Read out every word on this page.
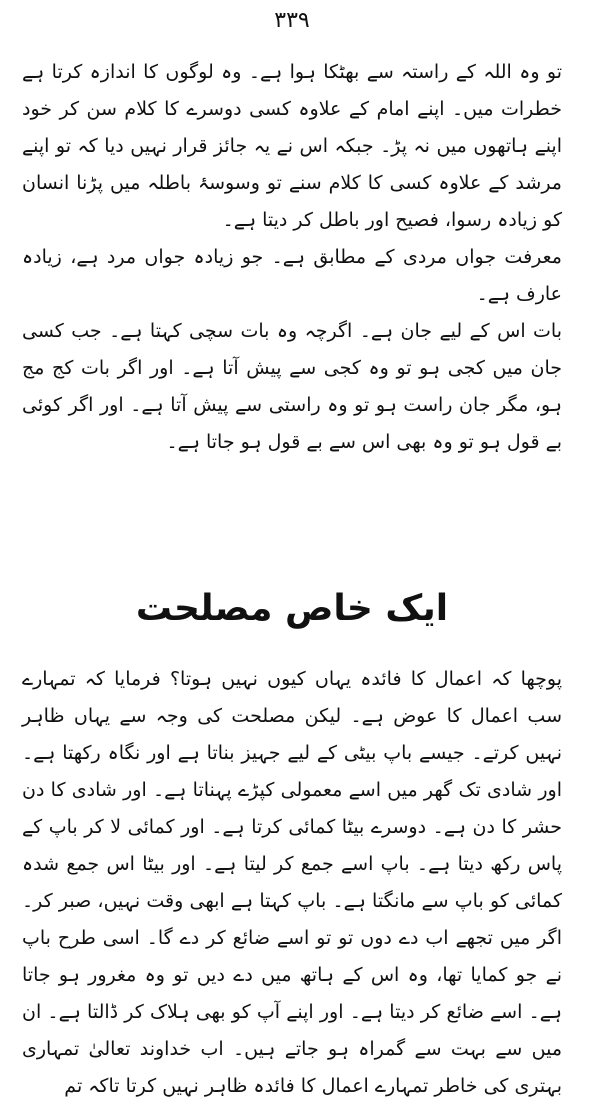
۳۳۹

تو وہ اللہ کے راستہ سے بھٹکا ہوا ہے۔ وہ لوگوں کا اندازہ کرتا ہے خطرات میں۔ اپنے امام کے علاوہ کسی دوسرے کا کلام سن کر خود اپنے ہاتھوں میں نہ پڑ۔ جبکہ اس نے یہ جائز قرار نہیں دیا کہ تو اپنے مرشد کے علاوہ کسی کا کلام سنے تو وسوسۂ باطلہ میں پڑنا انسان کو زیادہ رسوا، فصیح اور باطل کر دیتا ہے۔

معرفت جواں مردی کے مطابق ہے۔ جو زیادہ جواں مرد ہے، زیادہ عارف ہے۔

بات اس کے لیے جان ہے۔ اگرچہ وہ بات سچی کہتا ہے۔ جب کسی جان میں کجی ہو تو وہ کجی سے پیش آتا ہے۔ اور اگر بات کج مج ہو، مگر جان راست ہو تو وہ راستی سے پیش آتا ہے۔ اور اگر کوئی بے قول ہو تو وہ بھی اس سے بے قول ہو جاتا ہے۔

ایک خاص مصلحت

پوچھا کہ اعمال کا فائدہ یہاں کیوں نہیں ہوتا؟ فرمایا کہ تمہارے سب اعمال کا عوض ہے۔ لیکن مصلحت کی وجہ سے یہاں ظاہر نہیں کرتے۔ جیسے باپ بیٹی کے لیے جہیز بناتا ہے اور نگاہ رکھتا ہے۔ اور شادی تک گھر میں اسے معمولی کپڑے پہناتا ہے۔ اور شادی کا دن حشر کا دن ہے۔ دوسرے بیٹا کمائی کرتا ہے۔ اور کمائی لا کر باپ کے پاس رکھ دیتا ہے۔ باپ اسے جمع کر لیتا ہے۔ اور بیٹا اس جمع شدہ کمائی کو باپ سے مانگتا ہے۔ باپ کہتا ہے ابھی وقت نہیں، صبر کر۔ اگر میں تجھے اب دے دوں تو تو اسے ضائع کر دے گا۔ اسی طرح باپ نے جو کمایا تھا، وہ اس کے ہاتھ میں دے دیں تو وہ مغرور ہو جاتا ہے۔ اسے ضائع کر دیتا ہے۔ اور اپنے آپ کو بھی ہلاک کر ڈالتا ہے۔ ان میں سے بہت سے گمراہ ہو جاتے ہیں۔ اب خداوند تعالیٰ تمہاری بہتری کی خاطر تمہارے اعمال کا فائدہ ظاہر نہیں کرتا تاکہ تم
